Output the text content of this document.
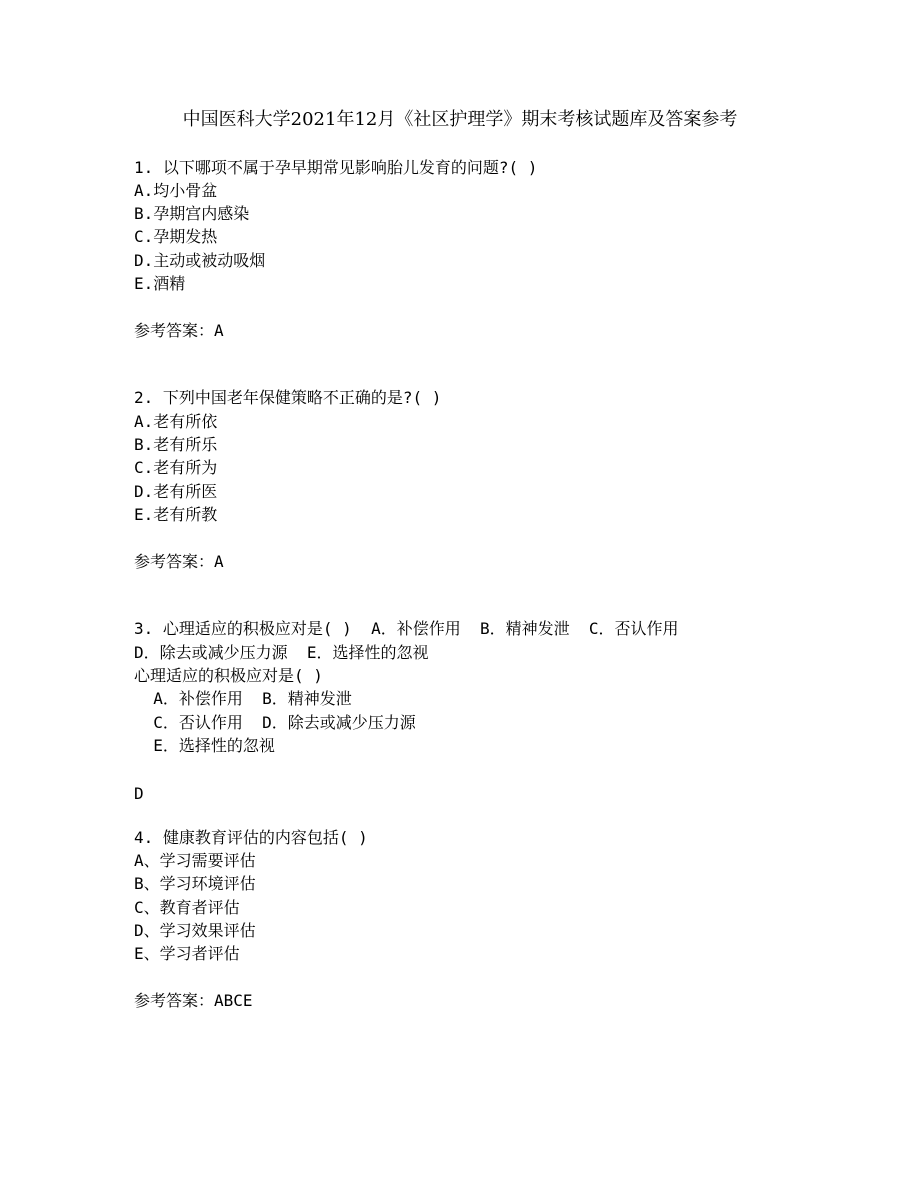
中国医科大学2021年12月《社区护理学》期末考核试题库及答案参考
1. 以下哪项不属于孕早期常见影响胎儿发育的问题?( )
A.均小骨盆
B.孕期宫内感染
C.孕期发热
D.主动或被动吸烟
E.酒精
参考答案：A
2. 下列中国老年保健策略不正确的是?( )
A.老有所依
B.老有所乐
C.老有所为
D.老有所医
E.老有所教
参考答案：A
3. 心理适应的积极应对是( )  A．补偿作用  B．精神发泄  C．否认作用
D．除去或减少压力源  E．选择性的忽视
心理适应的积极应对是( )
A．补偿作用  B．精神发泄
C．否认作用  D．除去或减少压力源
E．选择性的忽视
D
4. 健康教育评估的内容包括( )
A、学习需要评估
B、学习环境评估
C、教育者评估
D、学习效果评估
E、学习者评估
参考答案：ABCE
